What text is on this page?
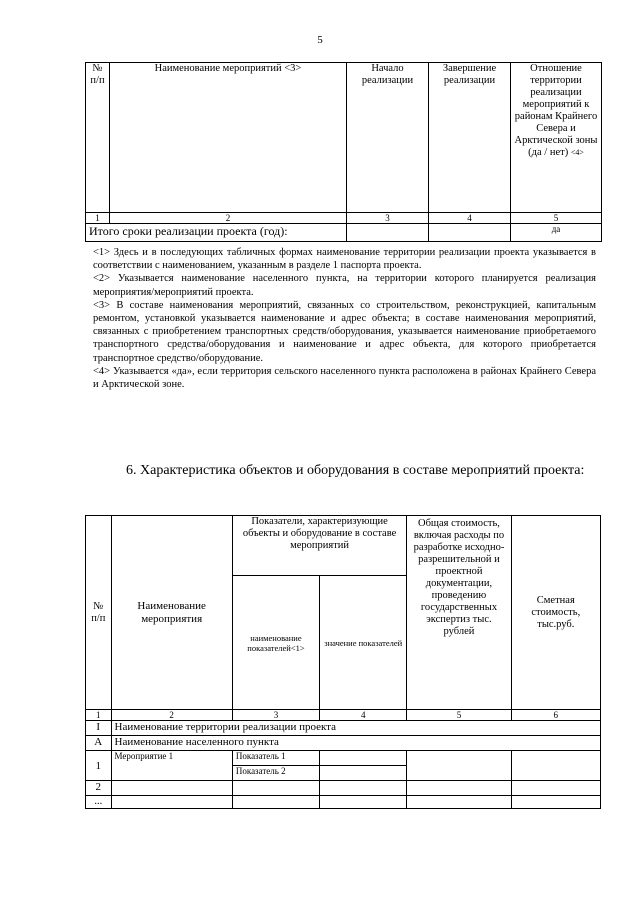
5
№ п/п	Наименование мероприятий <3>	Начало реализации	Завершение реализации	Отношение территории реализации мероприятий к районам Крайнего Севера и Арктической зоны
(да / нет) <4>
1	2	3	4	5
Итого сроки реализации проекта (год):				да

<1> Здесь и в последующих табличных формах наименование территории реализации проекта указывается в соответствии с наименованием, указанным в разделе 1 паспорта проекта.

<2> Указывается наименование населенного пункта, на территории которого планируется реализация мероприятия/мероприятий проекта.

<3> В составе наименования мероприятий, связанных со строительством, реконструкцией, капитальным ремонтом, установкой указывается наименование и адрес объекта; в составе наименования мероприятий, связанных с приобретением транспортных средств/оборудования, указывается наименование приобретаемого транспортного средства/оборудования и наименование и адрес объекта, для которого приобретается транспортное средство/оборудование.

<4> Указывается «да», если территория сельского населенного пункта расположена в районах Крайнего Севера и Арктической зоне.

6. Характеристика объектов и оборудования в составе мероприятий проекта:
№ п/п	Наименование мероприятия	Показатели, характеризующие объекты и оборудование в составе мероприятий		Общая стоимость, включая расходы по разработке исходно-разрешительной и проектной документации, проведению государственных экспертиз тыс. рублей	Сметная стоимость, тыс.руб.
		наименование показателей<1>	значение показателей		
1	2	3	4	5	6
I	Наименование территории реализации проекта				
А	Наименование населенного пункта				
1	Мероприятие 1	Показатель 1			
		Показатель 2			
2					
...					
